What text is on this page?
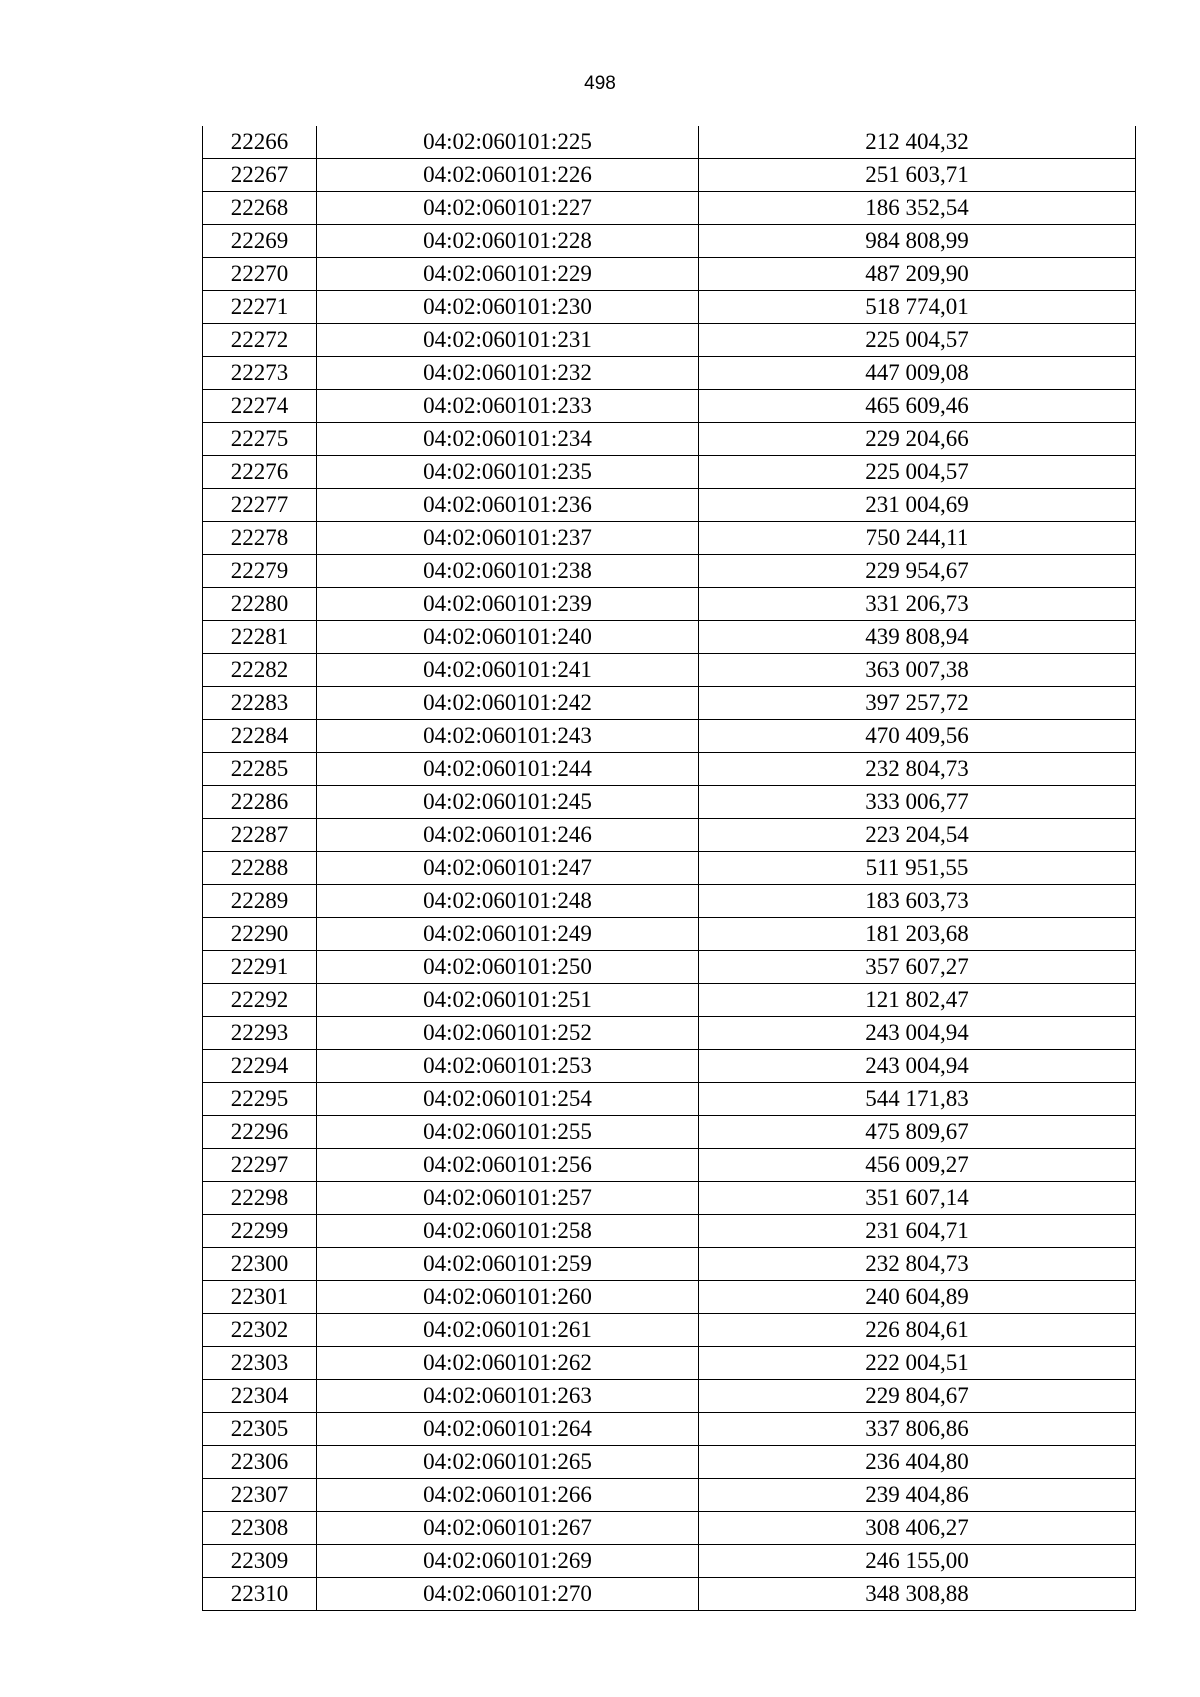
498
22266	04:02:060101:225	212 404,32
22267	04:02:060101:226	251 603,71
22268	04:02:060101:227	186 352,54
22269	04:02:060101:228	984 808,99
22270	04:02:060101:229	487 209,90
22271	04:02:060101:230	518 774,01
22272	04:02:060101:231	225 004,57
22273	04:02:060101:232	447 009,08
22274	04:02:060101:233	465 609,46
22275	04:02:060101:234	229 204,66
22276	04:02:060101:235	225 004,57
22277	04:02:060101:236	231 004,69
22278	04:02:060101:237	750 244,11
22279	04:02:060101:238	229 954,67
22280	04:02:060101:239	331 206,73
22281	04:02:060101:240	439 808,94
22282	04:02:060101:241	363 007,38
22283	04:02:060101:242	397 257,72
22284	04:02:060101:243	470 409,56
22285	04:02:060101:244	232 804,73
22286	04:02:060101:245	333 006,77
22287	04:02:060101:246	223 204,54
22288	04:02:060101:247	511 951,55
22289	04:02:060101:248	183 603,73
22290	04:02:060101:249	181 203,68
22291	04:02:060101:250	357 607,27
22292	04:02:060101:251	121 802,47
22293	04:02:060101:252	243 004,94
22294	04:02:060101:253	243 004,94
22295	04:02:060101:254	544 171,83
22296	04:02:060101:255	475 809,67
22297	04:02:060101:256	456 009,27
22298	04:02:060101:257	351 607,14
22299	04:02:060101:258	231 604,71
22300	04:02:060101:259	232 804,73
22301	04:02:060101:260	240 604,89
22302	04:02:060101:261	226 804,61
22303	04:02:060101:262	222 004,51
22304	04:02:060101:263	229 804,67
22305	04:02:060101:264	337 806,86
22306	04:02:060101:265	236 404,80
22307	04:02:060101:266	239 404,86
22308	04:02:060101:267	308 406,27
22309	04:02:060101:269	246 155,00
22310	04:02:060101:270	348 308,88
